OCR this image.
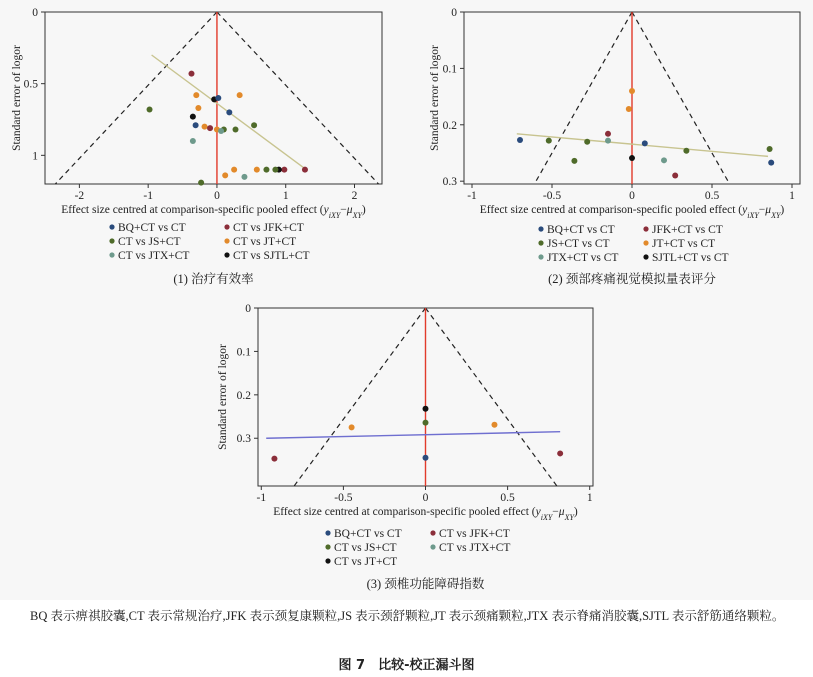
-2	-1	0	1	2
0
0.5
1
Standard error of logor
Effect size centred at comparison-specific pooled effect $(y_{iXY}-\mu_{XY})$
BQ+CT vs CT	CT vs JFK+CT
CT vs JS+CT	CT vs JT+CT
CT vs JTX+CT	CT vs SJTL+CT
(1) 治疗有效率
-1	-0.5	0	0.5	1
0
0.1
0.2
0.3
Standard error of logor
Effect size centred at comparison-specific pooled effect $(y_{iXY}-\mu_{XY})$
BQ+CT vs CT	JFK+CT vs CT
JS+CT vs CT	JT+CT vs CT
JTX+CT vs CT	SJTL+CT vs CT
(2) 颈部疼痛视觉模拟量表评分
-1	-0.5	0	0.5	1
0
0.1
0.2
0.3
Standard error of logor
Effect size centred at comparison-specific pooled effect $(y_{iXY}-\mu_{XY})$
BQ+CT vs CT	CT vs JFK+CT
CT vs JS+CT	CT vs JTX+CT
CT vs JT+CT
(3) 颈椎功能障碍指数
BQ 表示痹祺胶囊,CT 表示常规治疗,JFK 表示颈复康颗粒,JS 表示颈舒颗粒,JT 表示颈痛颗粒,JTX 表示脊痛消胶囊,SJTL 表示舒筋通络颗粒。
图 7　比较-校正漏斗图
